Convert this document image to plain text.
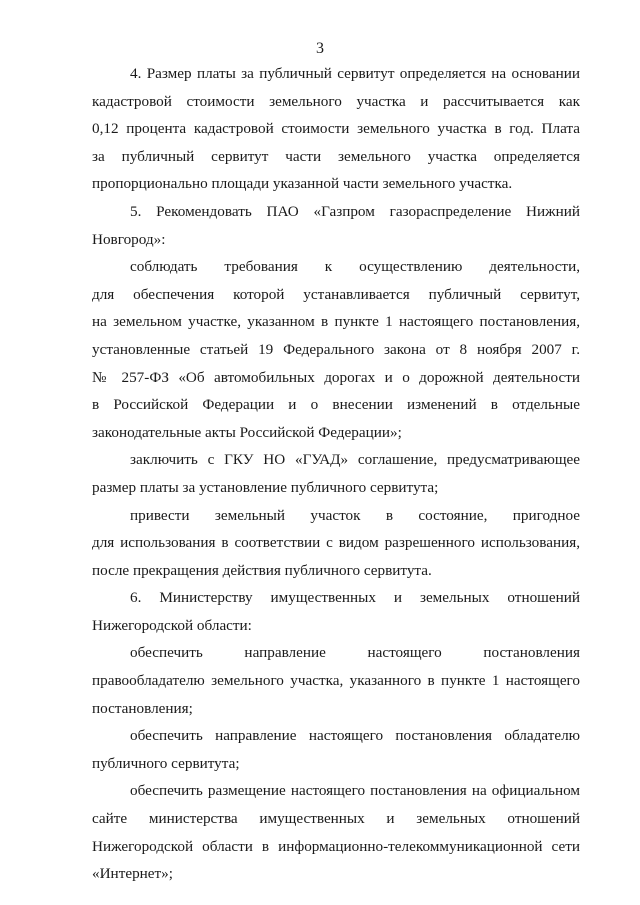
3
4. Размер платы за публичный сервитут определяется на основании
кадастровой стоимости земельного участка и рассчитывается как
0,12 процента кадастровой стоимости земельного участка в год. Плата
за публичный сервитут части земельного участка определяется
пропорционально площади указанной части земельного участка.
5. Рекомендовать ПАО «Газпром газораспределение Нижний
Новгород»:
соблюдать требования к осуществлению деятельности,
для обеспечения которой устанавливается публичный сервитут,
на земельном участке, указанном в пункте 1 настоящего постановления,
установленные статьей 19 Федерального закона от 8 ноября 2007 г.
№ 257-ФЗ «Об автомобильных дорогах и о дорожной деятельности
в Российской Федерации и о внесении изменений в отдельные
законодательные акты Российской Федерации»;
заключить с ГКУ НО «ГУАД» соглашение, предусматривающее
размер платы за установление публичного сервитута;
привести земельный участок в состояние, пригодное
для использования в соответствии с видом разрешенного использования,
после прекращения действия публичного сервитута.
6. Министерству имущественных и земельных отношений
Нижегородской области:
обеспечить направление настоящего постановления
правообладателю земельного участка, указанного в пункте 1 настоящего
постановления;
обеспечить направление настоящего постановления обладателю
публичного сервитута;
обеспечить размещение настоящего постановления на официальном
сайте министерства имущественных и земельных отношений
Нижегородской области в информационно-телекоммуникационной сети
«Интернет»;
